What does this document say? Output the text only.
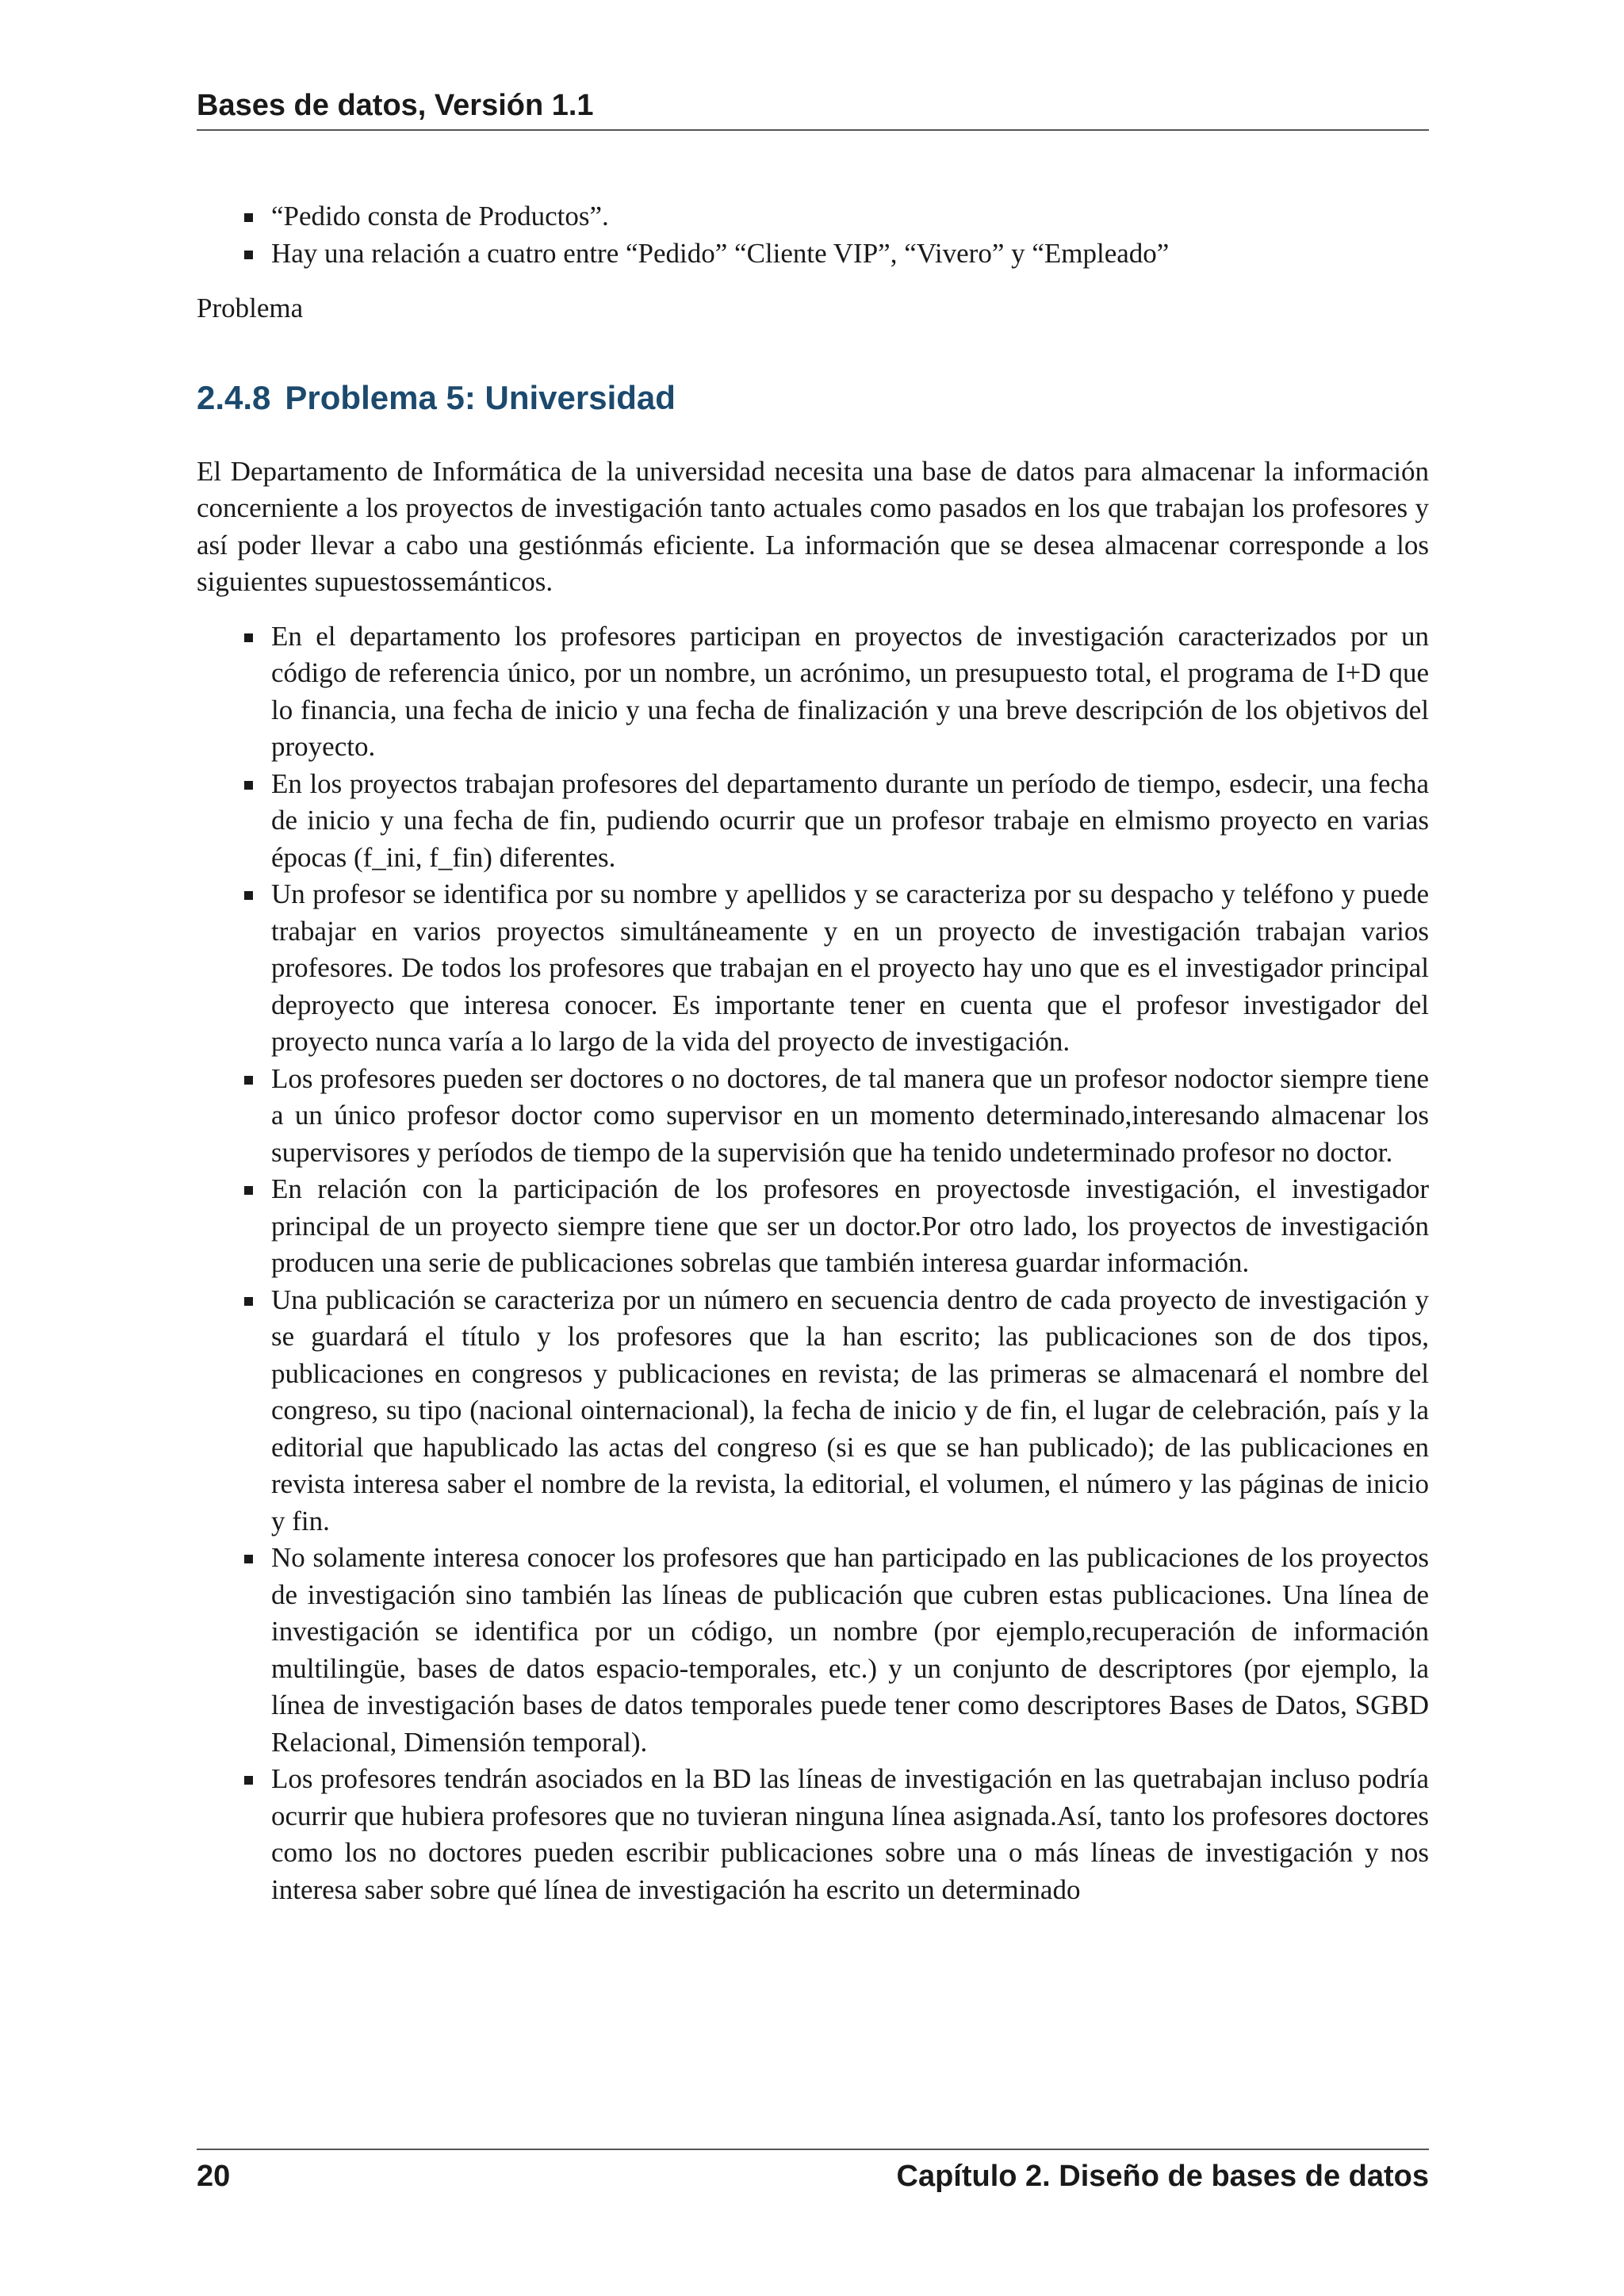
Bases de datos, Versión 1.1
“Pedido consta de Productos”.
Hay una relación a cuatro entre “Pedido” “Cliente VIP”, “Vivero” y “Empleado”

Problema

2.4.8 Problema 5: Universidad

El Departamento de Informática de la universidad necesita una base de datos para almacenar la información concerniente a los proyectos de investigación tanto actuales como pasados en los que trabajan los profesores y así poder llevar a cabo una gestiónmás eficiente. La información que se desea almacenar corresponde a los siguientes supuestossemánticos.

En el departamento los profesores participan en proyectos de investigación caracterizados por un código de referencia único, por un nombre, un acrónimo, un presupuesto total, el programa de I+D que lo financia, una fecha de inicio y una fecha de finalización y una breve descripción de los objetivos del proyecto.
En los proyectos trabajan profesores del departamento durante un período de tiempo, esdecir, una fecha de inicio y una fecha de fin, pudiendo ocurrir que un profesor trabaje en elmismo proyecto en varias épocas (f_ini, f_fin) diferentes.
Un profesor se identifica por su nombre y apellidos y se caracteriza por su despacho y teléfono y puede trabajar en varios proyectos simultáneamente y en un proyecto de investigación trabajan varios profesores. De todos los profesores que trabajan en el proyecto hay uno que es el investigador principal deproyecto que interesa conocer. Es importante tener en cuenta que el profesor investigador del proyecto nunca varía a lo largo de la vida del proyecto de investigación.
Los profesores pueden ser doctores o no doctores, de tal manera que un profesor nodoctor siempre tiene a un único profesor doctor como supervisor en un momento determinado,interesando almacenar los supervisores y períodos de tiempo de la supervisión que ha tenido undeterminado profesor no doctor.
En relación con la participación de los profesores en proyectosde investigación, el investigador principal de un proyecto siempre tiene que ser un doctor.Por otro lado, los proyectos de investigación producen una serie de publicaciones sobrelas que también interesa guardar información.
Una publicación se caracteriza por un número en secuencia dentro de cada proyecto de investigación y se guardará el título y los profesores que la han escrito; las publicaciones son de dos tipos, publicaciones en congresos y publicaciones en revista; de las primeras se almacenará el nombre del congreso, su tipo (nacional ointernacional), la fecha de inicio y de fin, el lugar de celebración, país y la editorial que hapublicado las actas del congreso (si es que se han publicado); de las publicaciones en revista interesa saber el nombre de la revista, la editorial, el volumen, el número y las páginas de inicio y fin.
No solamente interesa conocer los profesores que han participado en las publicaciones de los proyectos de investigación sino también las líneas de publicación que cubren estas publicaciones. Una línea de investigación se identifica por un código, un nombre (por ejemplo,recuperación de información multilingüe, bases de datos espacio-temporales, etc.) y un conjunto de descriptores (por ejemplo, la línea de investigación bases de datos temporales puede tener como descriptores Bases de Datos, SGBD Relacional, Dimensión temporal).
Los profesores tendrán asociados en la BD las líneas de investigación en las quetrabajan incluso podría ocurrir que hubiera profesores que no tuvieran ninguna línea asignada.Así, tanto los profesores doctores como los no doctores pueden escribir publicaciones sobre una o más líneas de investigación y nos interesa saber sobre qué línea de investigación ha escrito un determinado
20	Capítulo 2. Diseño de bases de datos
